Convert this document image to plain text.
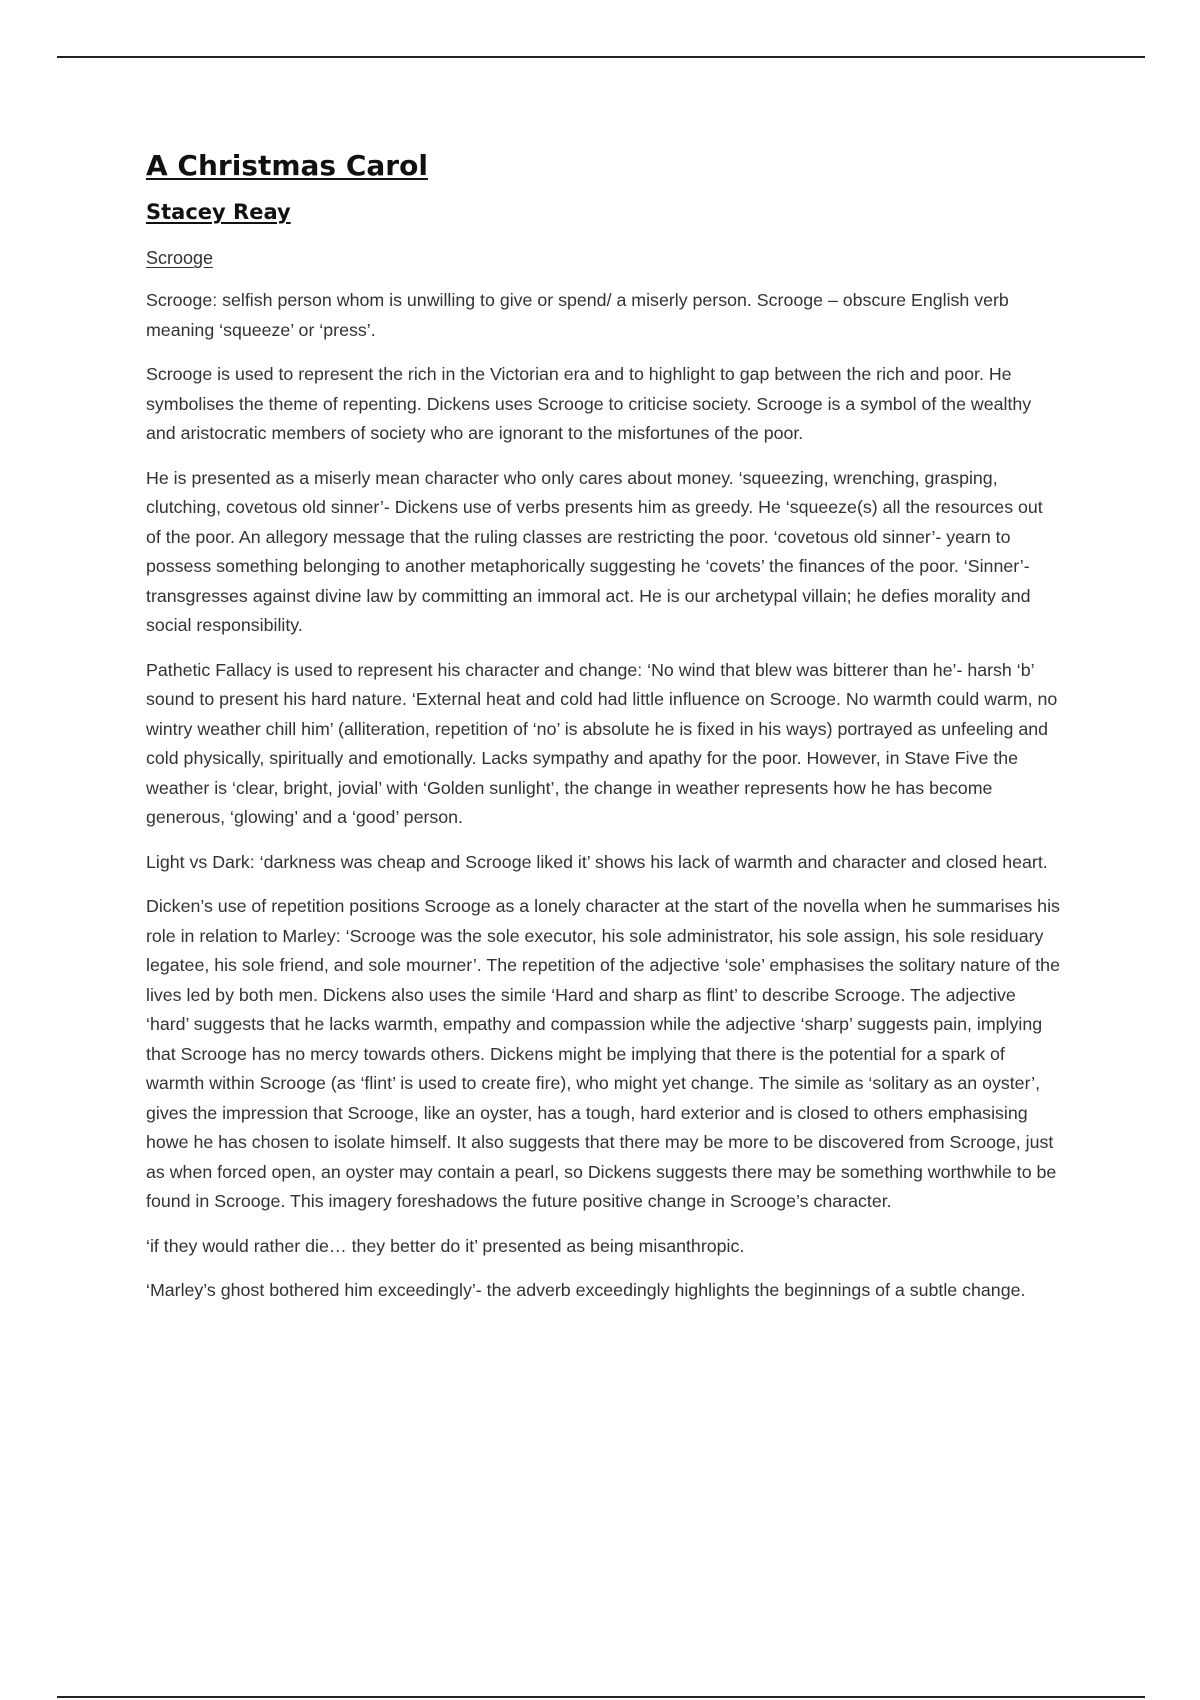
A Christmas Carol
Stacey Reay
Scrooge

Scrooge: selfish person whom is unwilling to give or spend/ a miserly person. Scrooge – obscure English verb meaning ‘squeeze’ or ‘press’.

Scrooge is used to represent the rich in the Victorian era and to highlight to gap between the rich and poor. He symbolises the theme of repenting. Dickens uses Scrooge to criticise society. Scrooge is a symbol of the wealthy and aristocratic members of society who are ignorant to the misfortunes of the poor.

He is presented as a miserly mean character who only cares about money. ‘squeezing, wrenching, grasping, clutching, covetous old sinner’- Dickens use of verbs presents him as greedy. He ‘squeeze(s) all the resources out of the poor. An allegory message that the ruling classes are restricting the poor. ‘covetous old sinner’- yearn to possess something belonging to another metaphorically suggesting he ‘covets’ the finances of the poor. ‘Sinner’- transgresses against divine law by committing an immoral act. He is our archetypal villain; he defies morality and social responsibility.

Pathetic Fallacy is used to represent his character and change: ‘No wind that blew was bitterer than he’- harsh ‘b’ sound to present his hard nature. ‘External heat and cold had little influence on Scrooge. No warmth could warm, no wintry weather chill him’ (alliteration, repetition of ‘no’ is absolute he is fixed in his ways) portrayed as unfeeling and cold physically, spiritually and emotionally. Lacks sympathy and apathy for the poor. However, in Stave Five the weather is ‘clear, bright, jovial’ with ‘Golden sunlight’, the change in weather represents how he has become generous, ‘glowing’ and a ‘good’ person.

Light vs Dark: ‘darkness was cheap and Scrooge liked it’ shows his lack of warmth and character and closed heart.

Dicken’s use of repetition positions Scrooge as a lonely character at the start of the novella when he summarises his role in relation to Marley: ‘Scrooge was the sole executor, his sole administrator, his sole assign, his sole residuary legatee, his sole friend, and sole mourner’. The repetition of the adjective ‘sole’ emphasises the solitary nature of the lives led by both men. Dickens also uses the simile ‘Hard and sharp as flint’ to describe Scrooge. The adjective ‘hard’ suggests that he lacks warmth, empathy and compassion while the adjective ‘sharp’ suggests pain, implying that Scrooge has no mercy towards others. Dickens might be implying that there is the potential for a spark of warmth within Scrooge (as ‘flint’ is used to create fire), who might yet change. The simile as ‘solitary as an oyster’, gives the impression that Scrooge, like an oyster, has a tough, hard exterior and is closed to others emphasising howe he has chosen to isolate himself. It also suggests that there may be more to be discovered from Scrooge, just as when forced open, an oyster may contain a pearl, so Dickens suggests there may be something worthwhile to be found in Scrooge. This imagery foreshadows the future positive change in Scrooge’s character.

‘if they would rather die… they better do it’ presented as being misanthropic.

‘Marley’s ghost bothered him exceedingly’- the adverb exceedingly highlights the beginnings of a subtle change.
